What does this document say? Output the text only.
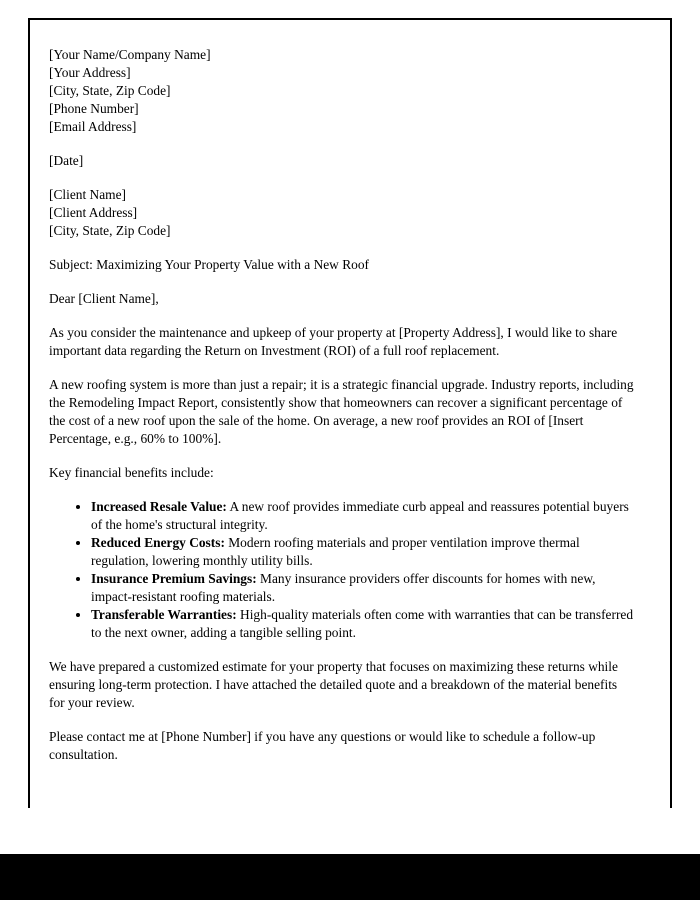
[Your Name/Company Name]
[Your Address]
[City, State, Zip Code]
[Phone Number]
[Email Address]
[Date]
[Client Name]
[Client Address]
[City, State, Zip Code]
Subject: Maximizing Your Property Value with a New Roof
Dear [Client Name],
As you consider the maintenance and upkeep of your property at [Property Address], I would like to share important data regarding the Return on Investment (ROI) of a full roof replacement.
A new roofing system is more than just a repair; it is a strategic financial upgrade. Industry reports, including the Remodeling Impact Report, consistently show that homeowners can recover a significant percentage of the cost of a new roof upon the sale of the home. On average, a new roof provides an ROI of [Insert Percentage, e.g., 60% to 100%].
Key financial benefits include:
• Increased Resale Value: A new roof provides immediate curb appeal and reassures potential buyers of the home's structural integrity.
• Reduced Energy Costs: Modern roofing materials and proper ventilation improve thermal regulation, lowering monthly utility bills.
• Insurance Premium Savings: Many insurance providers offer discounts for homes with new, impact-resistant roofing materials.
• Transferable Warranties: High-quality materials often come with warranties that can be transferred to the next owner, adding a tangible selling point.
We have prepared a customized estimate for your property that focuses on maximizing these returns while ensuring long-term protection. I have attached the detailed quote and a breakdown of the material benefits for your review.
Please contact me at [Phone Number] if you have any questions or would like to schedule a follow-up consultation.
